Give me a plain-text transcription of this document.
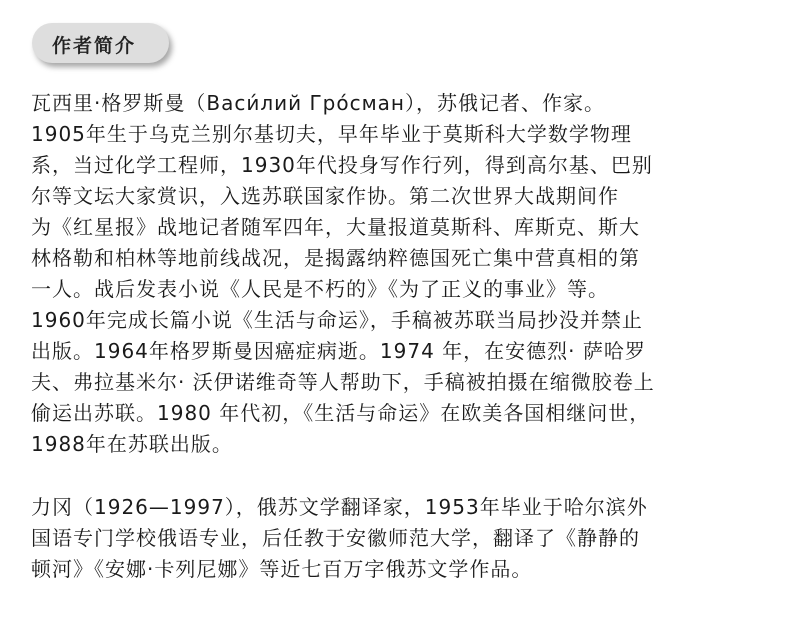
作者简介

瓦西里·格罗斯曼（Васи́лий Гро́сман），苏俄记者、作家。
1905年生于乌克兰别尔基切夫，早年毕业于莫斯科大学数学物理
系，当过化学工程师，1930年代投身写作行列，得到高尔基、巴别
尔等文坛大家赏识，入选苏联国家作协。第二次世界大战期间作
为《红星报》战地记者随军四年，大量报道莫斯科、库斯克、斯大
林格勒和柏林等地前线战况，是揭露纳粹德国死亡集中营真相的第
一人。战后发表小说《人民是不朽的》《为了正义的事业》等。
1960年完成长篇小说《生活与命运》，手稿被苏联当局抄没并禁止
出版。1964年格罗斯曼因癌症病逝。1974 年，在安德烈· 萨哈罗
夫、弗拉基米尔· 沃伊诺维奇等人帮助下，手稿被拍摄在缩微胶卷上
偷运出苏联。1980 年代初，《生活与命运》在欧美各国相继问世，
1988年在苏联出版。

力冈（1926—1997），俄苏文学翻译家，1953年毕业于哈尔滨外
国语专门学校俄语专业，后任教于安徽师范大学，翻译了《静静的
顿河》《安娜·卡列尼娜》等近七百万字俄苏文学作品。
